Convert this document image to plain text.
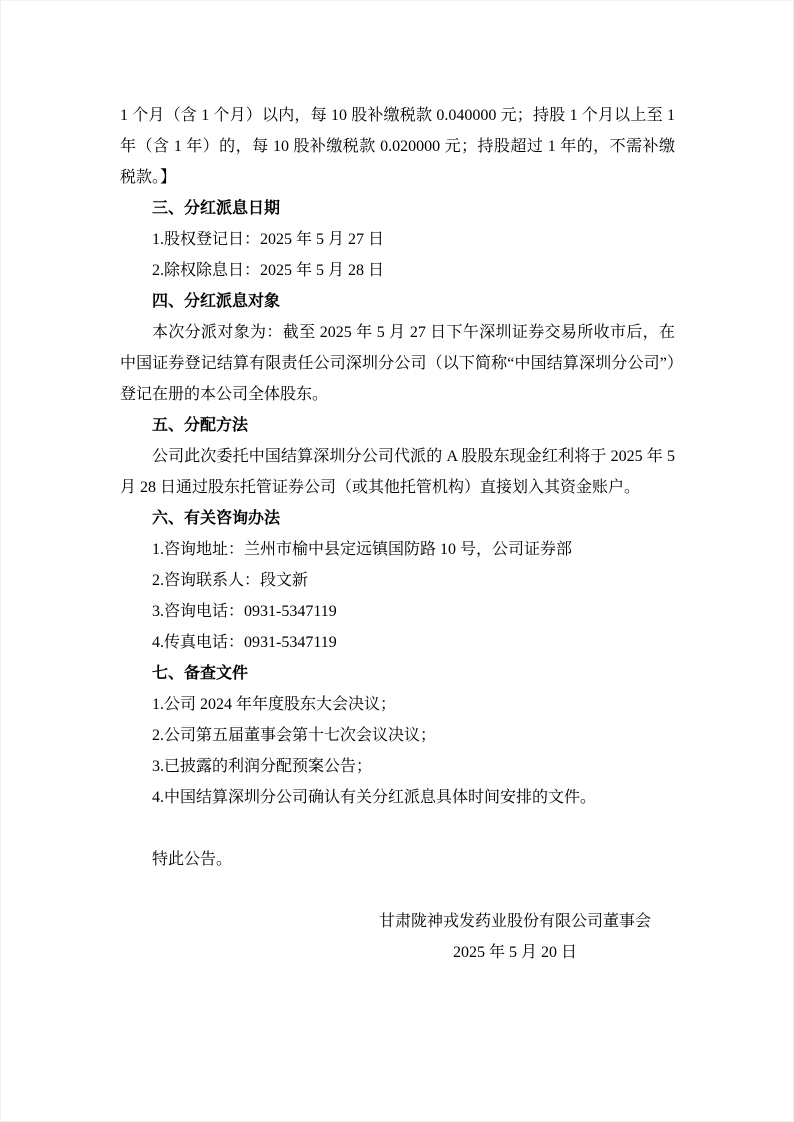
1 个月（含 1 个月）以内，每 10 股补缴税款 0.040000 元；持股 1 个月以上至 1 年（含 1 年）的，每 10 股补缴税款 0.020000 元；持股超过 1 年的，不需补缴税款。】

三、分红派息日期

1.股权登记日：2025 年 5 月 27 日

2.除权除息日：2025 年 5 月 28 日

四、分红派息对象

本次分派对象为：截至 2025 年 5 月 27 日下午深圳证券交易所收市后，在中国证券登记结算有限责任公司深圳分公司（以下简称“中国结算深圳分公司”）登记在册的本公司全体股东。

五、分配方法

公司此次委托中国结算深圳分公司代派的 A 股股东现金红利将于 2025 年 5 月 28 日通过股东托管证券公司（或其他托管机构）直接划入其资金账户。

六、有关咨询办法

1.咨询地址：兰州市榆中县定远镇国防路 10 号，公司证券部

2.咨询联系人：段文新

3.咨询电话：0931-5347119

4.传真电话：0931-5347119

七、备查文件

1.公司 2024 年年度股东大会决议；

2.公司第五届董事会第十七次会议决议；

3.已披露的利润分配预案公告；

4.中国结算深圳分公司确认有关分红派息具体时间安排的文件。

特此公告。

甘肃陇神戎发药业股份有限公司董事会
2025 年 5 月 20 日
